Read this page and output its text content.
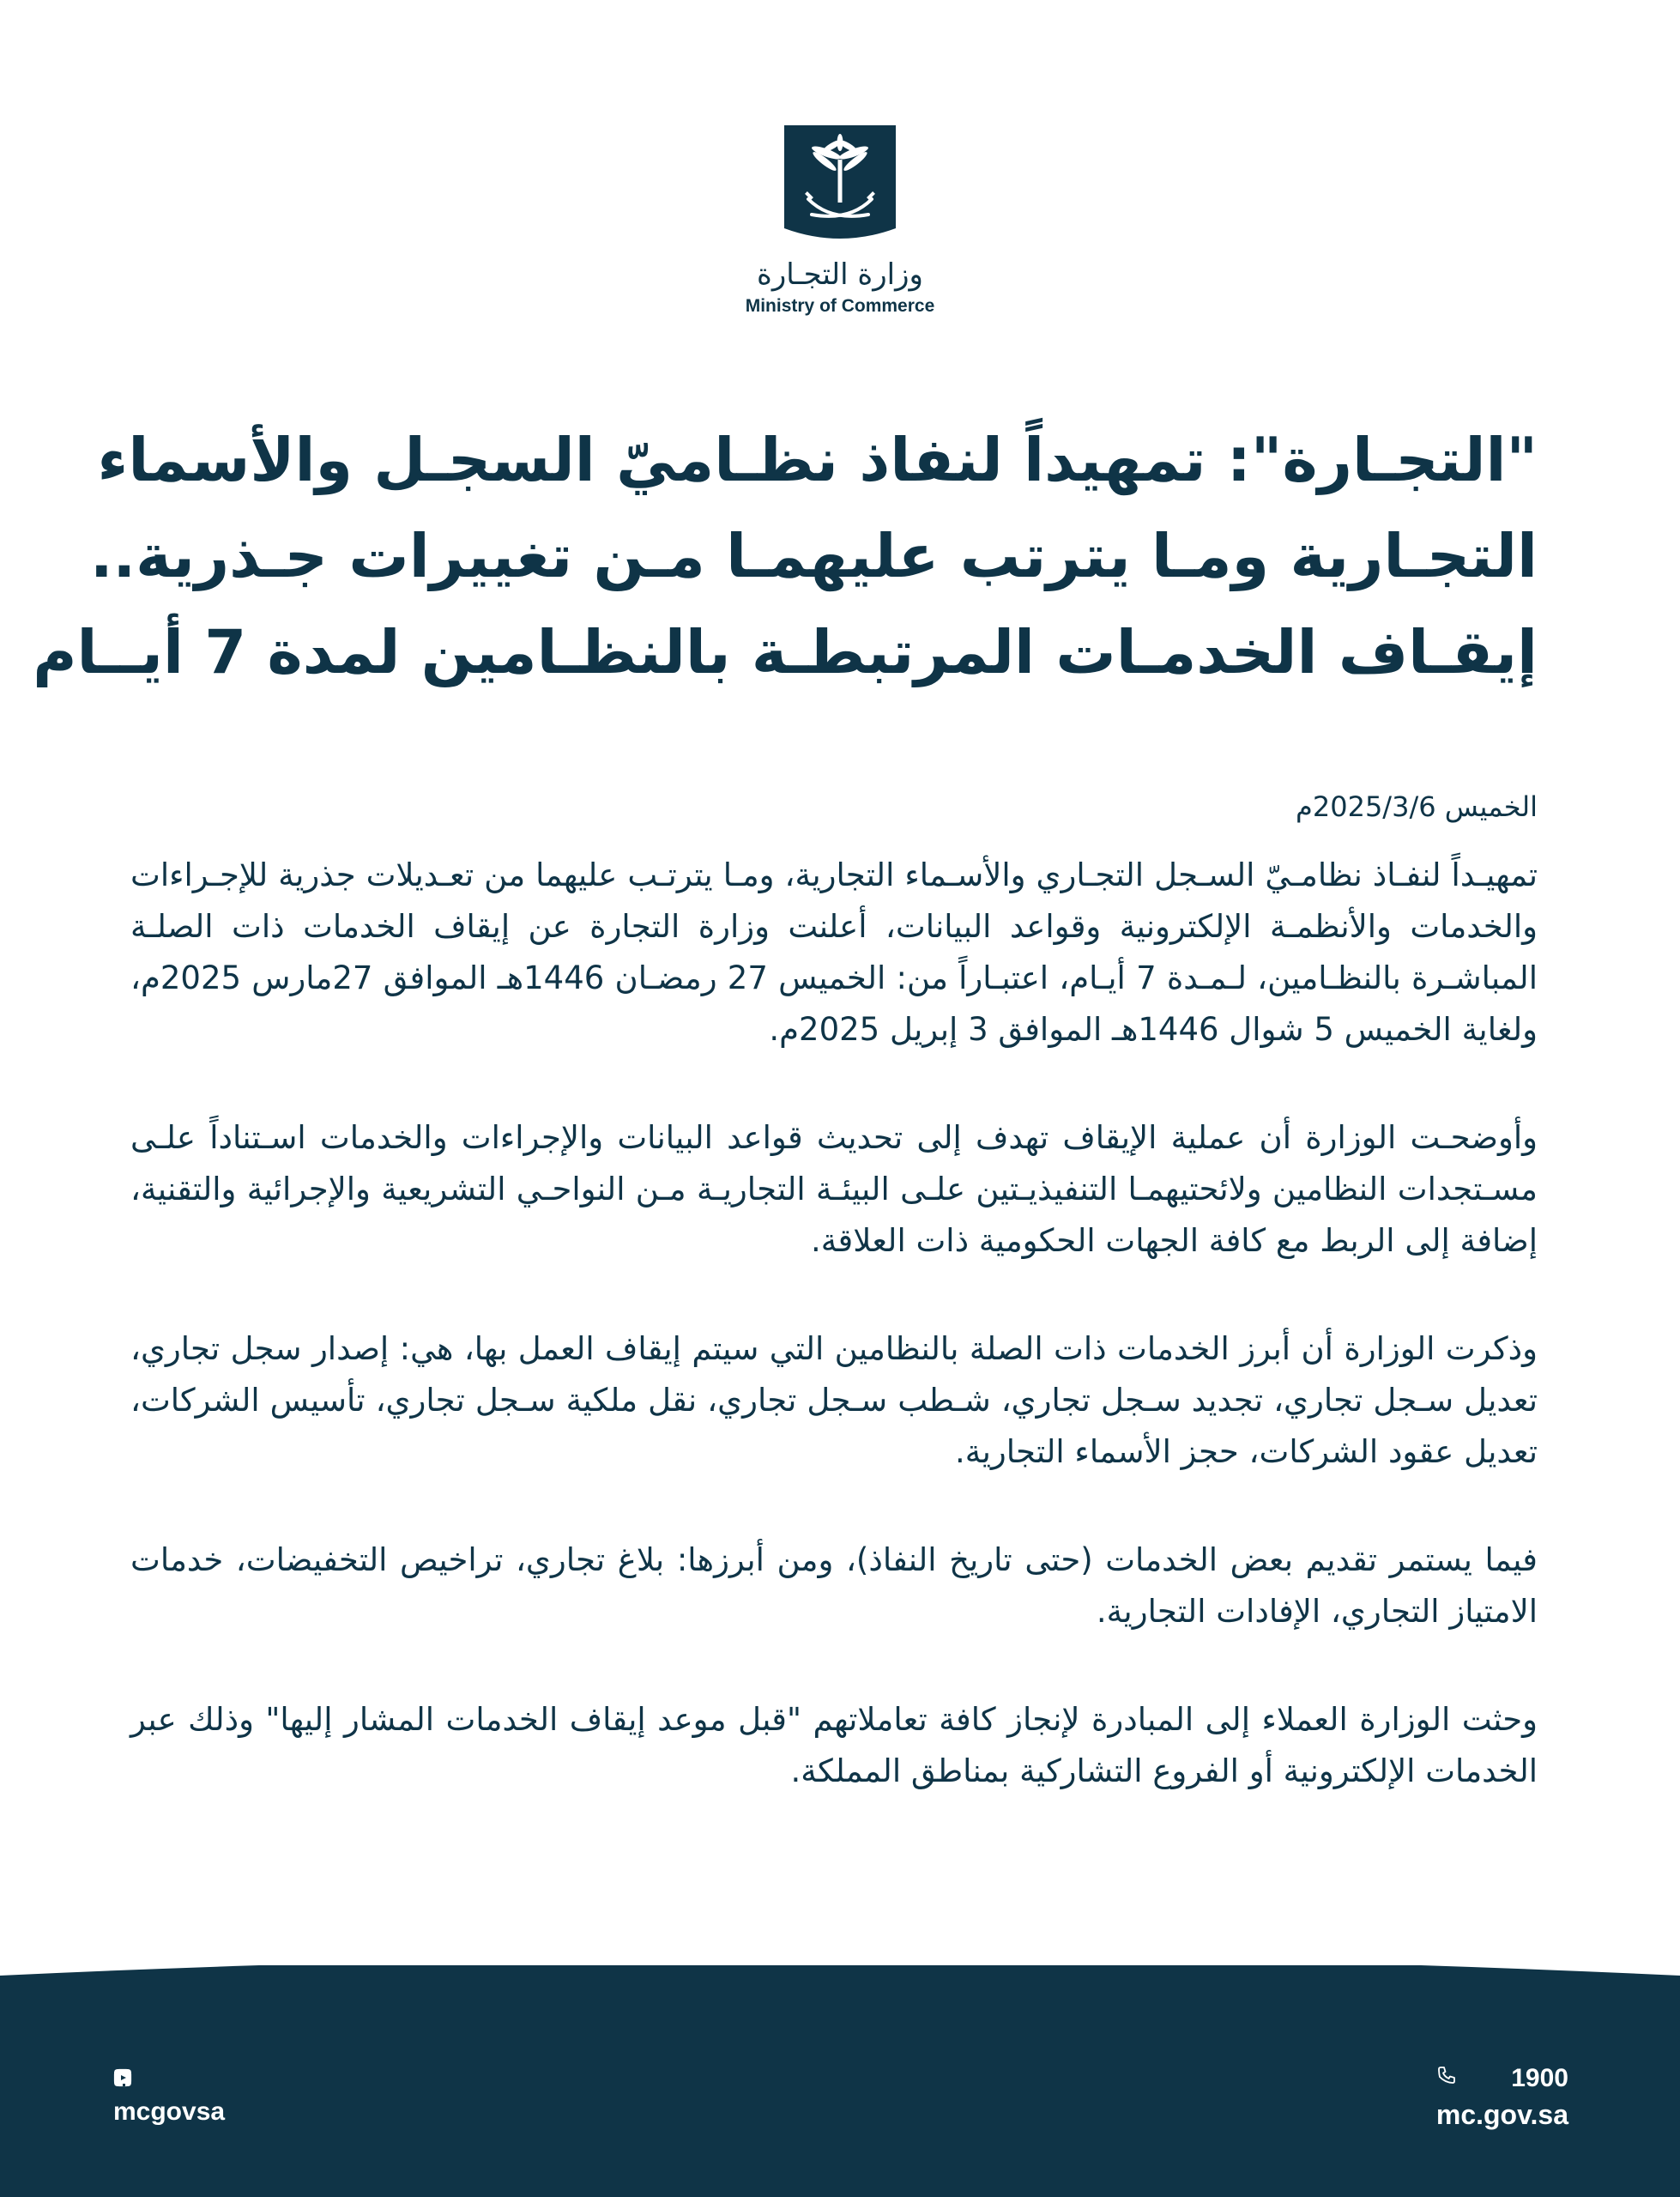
وزارة التجـارة
Ministry of Commerce
"التجـارة": تمهيداً لنفاذ نظـاميّ السجـل والأسماء
التجـارية ومـا يترتب عليهمـا مـن تغييرات جـذرية..
إيقـاف الخدمـات المرتبطـة بالنظـامين لمدة 7 أيــام
الخميس 2025/3/6م

تمهيـداً لنفـاذ نظامـيّ السـجل التجـاري والأسـماء التجارية، ومـا يترتـب عليهما من تعـديلات جذرية للإجـراءات والخدمات والأنظمـة الإلكترونية وقواعد البيانات، أعلنت وزارة التجارة عن إيقاف الخدمات ذات الصلـة المباشـرة بالنظـامين، لـمـدة 7 أيـام، اعتبـاراً من: الخميس 27 رمضـان 1446هـ الموافق 27مارس 2025م، ولغاية الخميس 5 شوال 1446هـ الموافق 3 إبريل 2025م.

وأوضحـت الوزارة أن عملية الإيقاف تهدف إلى تحديث قواعد البيانات والإجراءات والخدمات اسـتناداً علـى مسـتجدات النظامين ولائحتيهمـا التنفيذيـتين علـى البيئـة التجاريـة مـن النواحـي التشريعية والإجرائية والتقنية، إضافة إلى الربط مع كافة الجهات الحكومية ذات العلاقة.

وذكرت الوزارة أن أبرز الخدمات ذات الصلة بالنظامين التي سيتم إيقاف العمل بها، هي: إصدار سجل تجاري، تعديل سـجل تجاري، تجديد سـجل تجاري، شـطب سـجل تجاري، نقل ملكية سـجل تجاري، تأسيس الشركات، تعديل عقود الشركات، حجز الأسماء التجارية.

فيما يستمر تقديم بعض الخدمات (حتى تاريخ النفاذ)، ومن أبرزها: بلاغ تجاري، تراخيص التخفيضات، خدمات الامتياز التجاري، الإفادات التجارية.

وحثت الوزارة العملاء إلى المبادرة لإنجاز كافة تعاملاتهم "قبل موعد إيقاف الخدمات المشار إليها" وذلك عبر الخدمات الإلكترونية أو الفروع التشاركية بمناطق المملكة.

mcgovsa
1900
mc.gov.sa
